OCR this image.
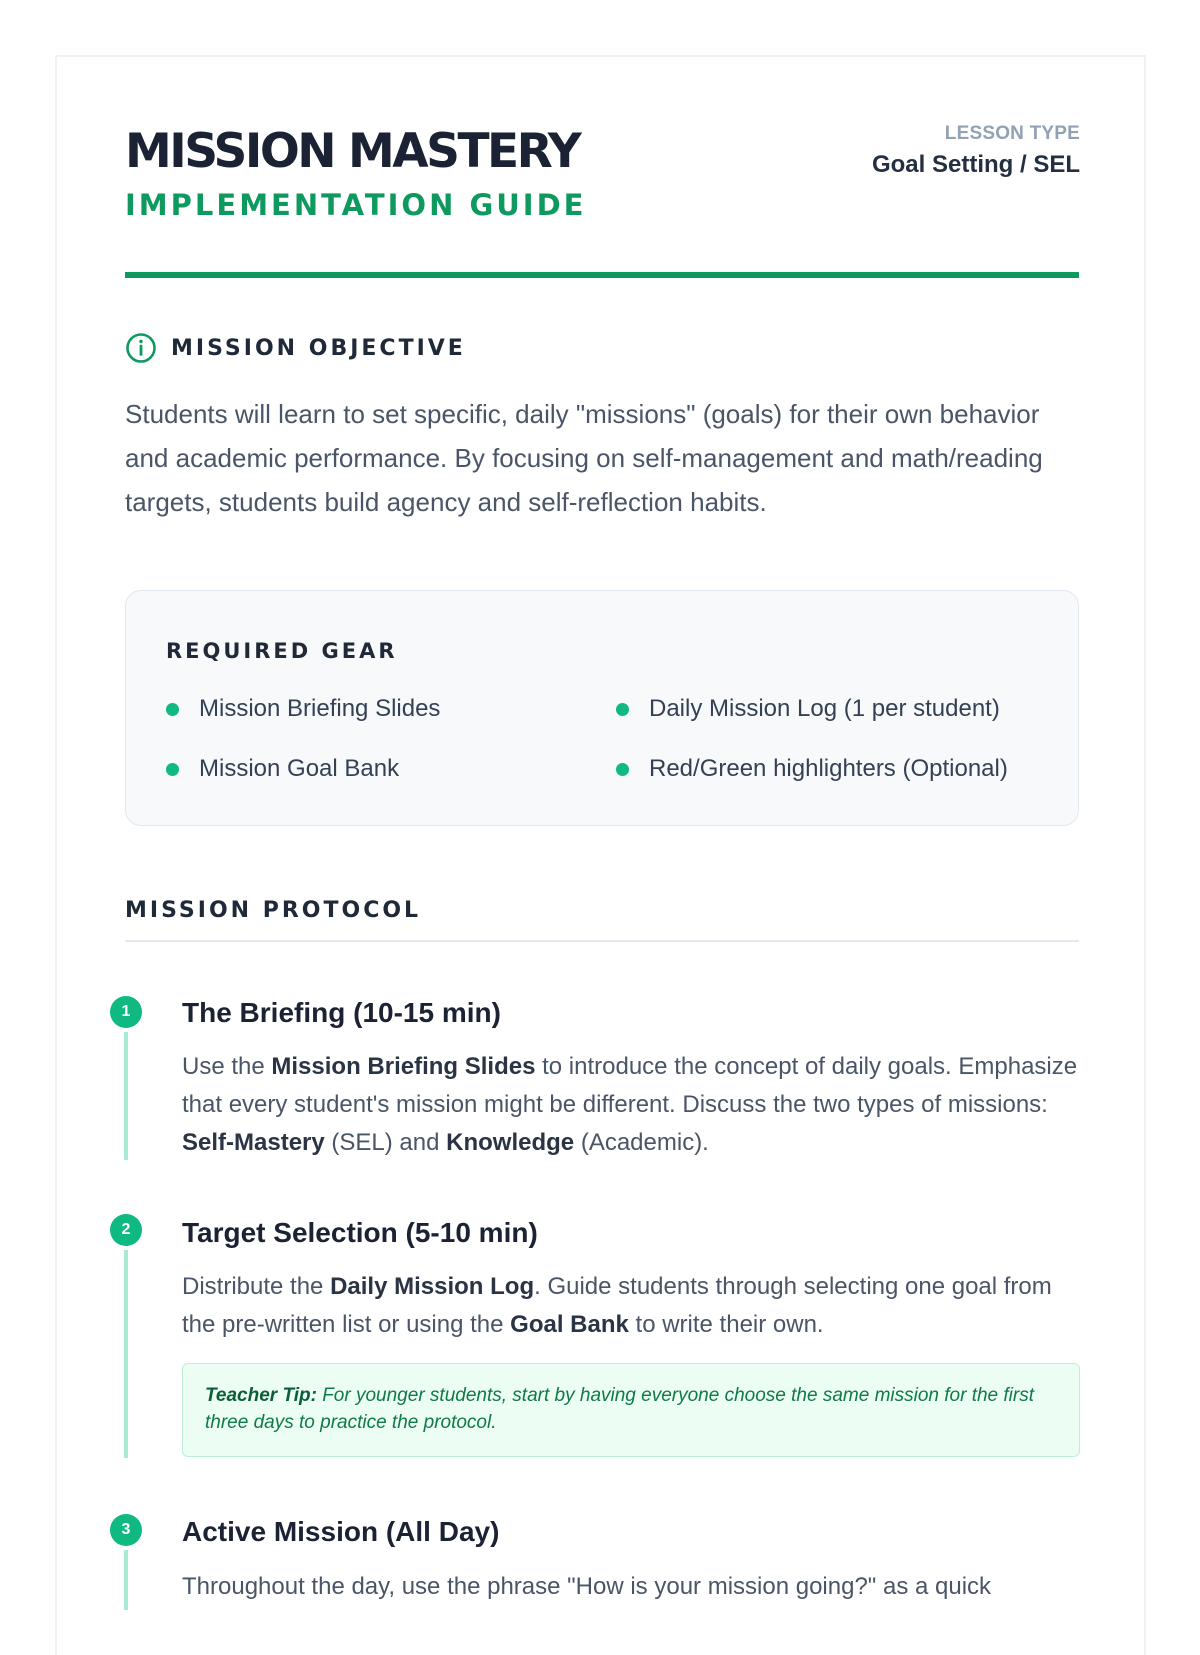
MISSION MASTERY
IMPLEMENTATION GUIDE
LESSON TYPE
Goal Setting / SEL
MISSION OBJECTIVE
Students will learn to set specific, daily "missions" (goals) for their own behavior and academic performance. By focusing on self-management and math/reading targets, students build agency and self-reflection habits.
REQUIRED GEAR
Mission Briefing Slides	Daily Mission Log (1 per student)
Mission Goal Bank	Red/Green highlighters (Optional)
MISSION PROTOCOL
1	The Briefing (10-15 min)
Use the Mission Briefing Slides to introduce the concept of daily goals. Emphasize that every student's mission might be different. Discuss the two types of missions: Self-Mastery (SEL) and Knowledge (Academic).
2	Target Selection (5-10 min)
Distribute the Daily Mission Log. Guide students through selecting one goal from the pre-written list or using the Goal Bank to write their own.
Teacher Tip: For younger students, start by having everyone choose the same mission for the first three days to practice the protocol.
3	Active Mission (All Day)
Throughout the day, use the phrase "How is your mission going?" as a quick
